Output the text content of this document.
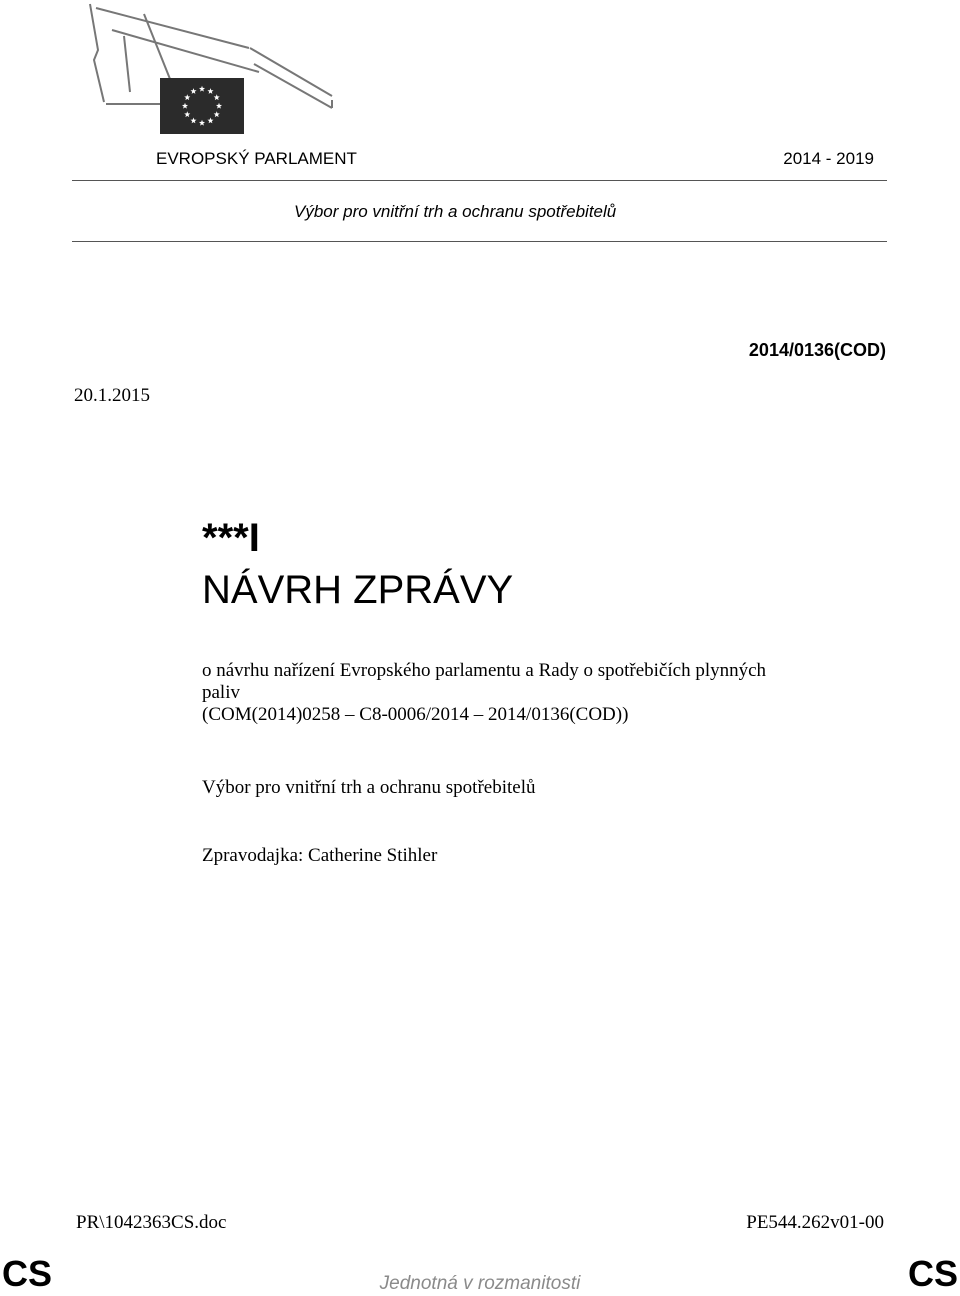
EVROPSKÝ PARLAMENT	2014 - 2019
Výbor pro vnitřní trh a ochranu spotřebitelů
2014/0136(COD)
20.1.2015
***I
NÁVRH ZPRÁVY
o návrhu nařízení Evropského parlamentu a Rady o spotřebičích plynných
paliv
(COM(2014)0258 – C8-0006/2014 – 2014/0136(COD))
Výbor pro vnitřní trh a ochranu spotřebitelů
Zpravodajka: Catherine Stihler
PR\1042363CS.doc	PE544.262v01-00
CS	Jednotná v rozmanitosti	CS
